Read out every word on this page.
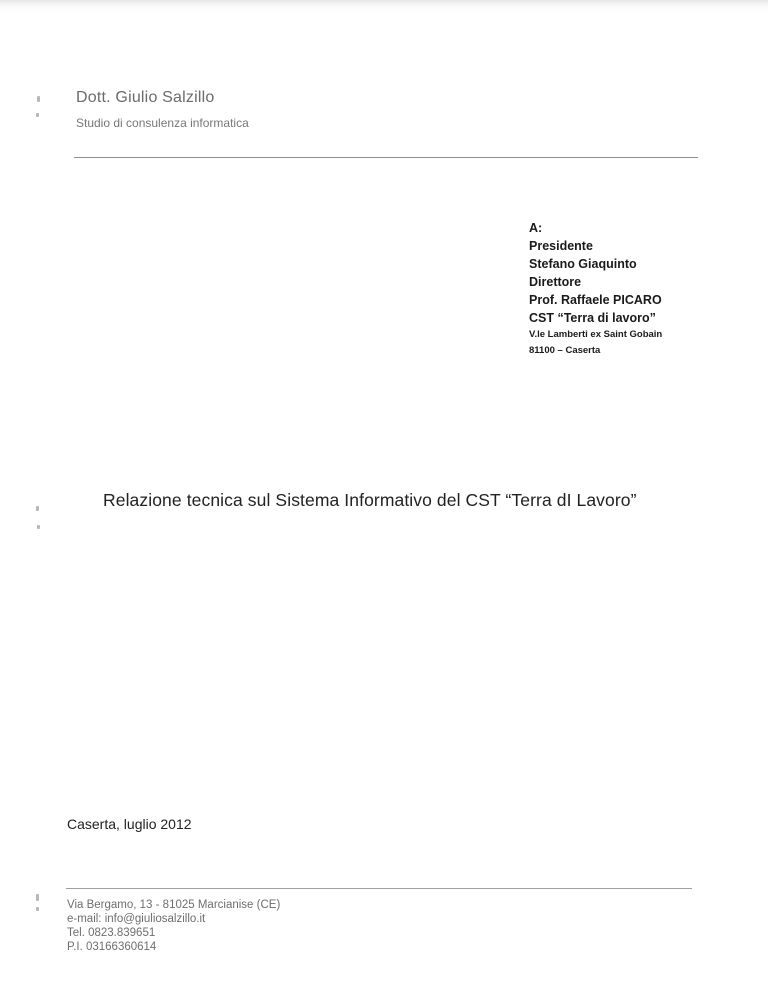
Dott. Giulio Salzillo
Studio di consulenza informatica
A:
Presidente
Stefano Giaquinto
Direttore
Prof. Raffaele PICARO
CST “Terra di lavoro”
V.le Lamberti ex Saint Gobain
81100 – Caserta
Relazione tecnica sul Sistema Informativo del CST “Terra dI Lavoro”
Caserta, luglio 2012
Via Bergamo, 13 - 81025 Marcianise (CE)
e-mail: info@giuliosalzillo.it
Tel. 0823.839651
P.I. 03166360614
